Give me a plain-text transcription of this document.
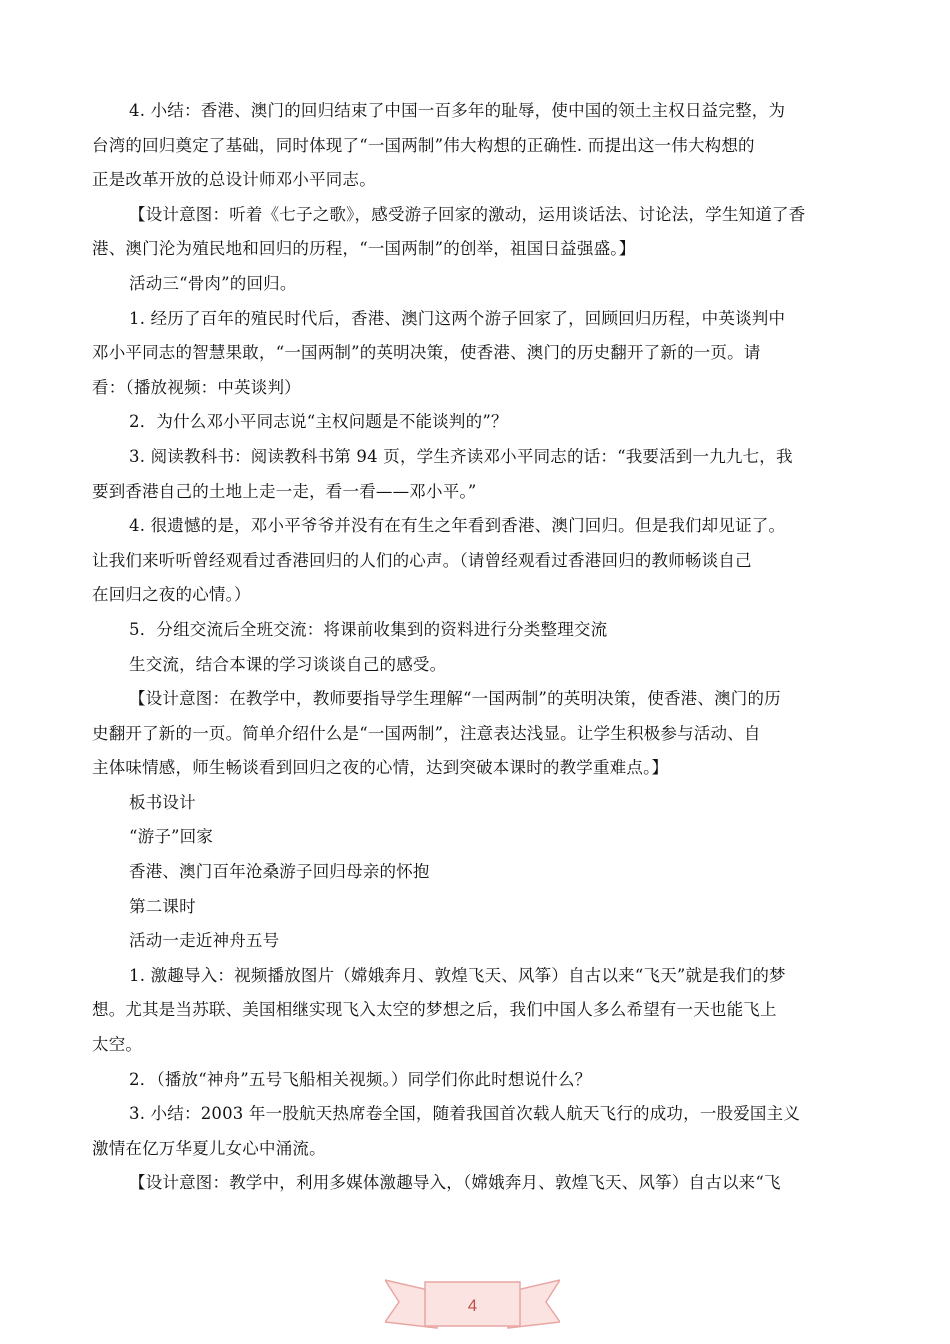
4. 小结：香港、澳门的回归结束了中国一百多年的耻辱，使中国的领土主权日益完整，为
台湾的回归奠定了基础，同时体现了“一国两制”伟大构想的正确性. 而提出这一伟大构想的
正是改革开放的总设计师邓小平同志。
【设计意图：听着《七子之歌》，感受游子回家的激动，运用谈话法、讨论法，学生知道了香
港、澳门沦为殖民地和回归的历程，“一国两制”的创举，祖国日益强盛。】
活动三“骨肉”的回归。
1. 经历了百年的殖民时代后，香港、澳门这两个游子回家了，回顾回归历程，中英谈判中
邓小平同志的智慧果敢，“一国两制”的英明决策，使香港、澳门的历史翻开了新的一页。请
看：（播放视频：中英谈判）
2．为什么邓小平同志说“主权问题是不能谈判的”？
3. 阅读教科书：阅读教科书第 94 页，学生齐读邓小平同志的话：“我要活到一九九七，我
要到香港自己的土地上走一走，看一看——邓小平。”
4. 很遗憾的是，邓小平爷爷并没有在有生之年看到香港、澳门回归。但是我们却见证了。
让我们来听听曾经观看过香港回归的人们的心声。（请曾经观看过香港回归的教师畅谈自己
在回归之夜的心情。）
5．分组交流后全班交流：将课前收集到的资料进行分类整理交流
生交流，结合本课的学习谈谈自己的感受。
【设计意图：在教学中，教师要指导学生理解“一国两制”的英明决策，使香港、澳门的历
史翻开了新的一页。简单介绍什么是“一国两制”，注意表达浅显。让学生积极参与活动、自
主体味情感，师生畅谈看到回归之夜的心情，达到突破本课时的教学重难点。】
板书设计
“游子”回家
香港、澳门百年沧桑游子回归母亲的怀抱
第二课时
活动一走近神舟五号
1. 激趣导入：视频播放图片（嫦娥奔月、敦煌飞天、风筝）自古以来“飞天”就是我们的梦
想。尤其是当苏联、美国相继实现飞入太空的梦想之后，我们中国人多么希望有一天也能飞上
太空。
2．（播放“神舟”五号飞船相关视频。）同学们你此时想说什么？
3. 小结：2003 年一股航天热席卷全国，随着我国首次载人航天飞行的成功，一股爱国主义
激情在亿万华夏儿女心中涌流。
【设计意图：教学中，利用多媒体激趣导入，（嫦娥奔月、敦煌飞天、风筝）自古以来“飞
4
